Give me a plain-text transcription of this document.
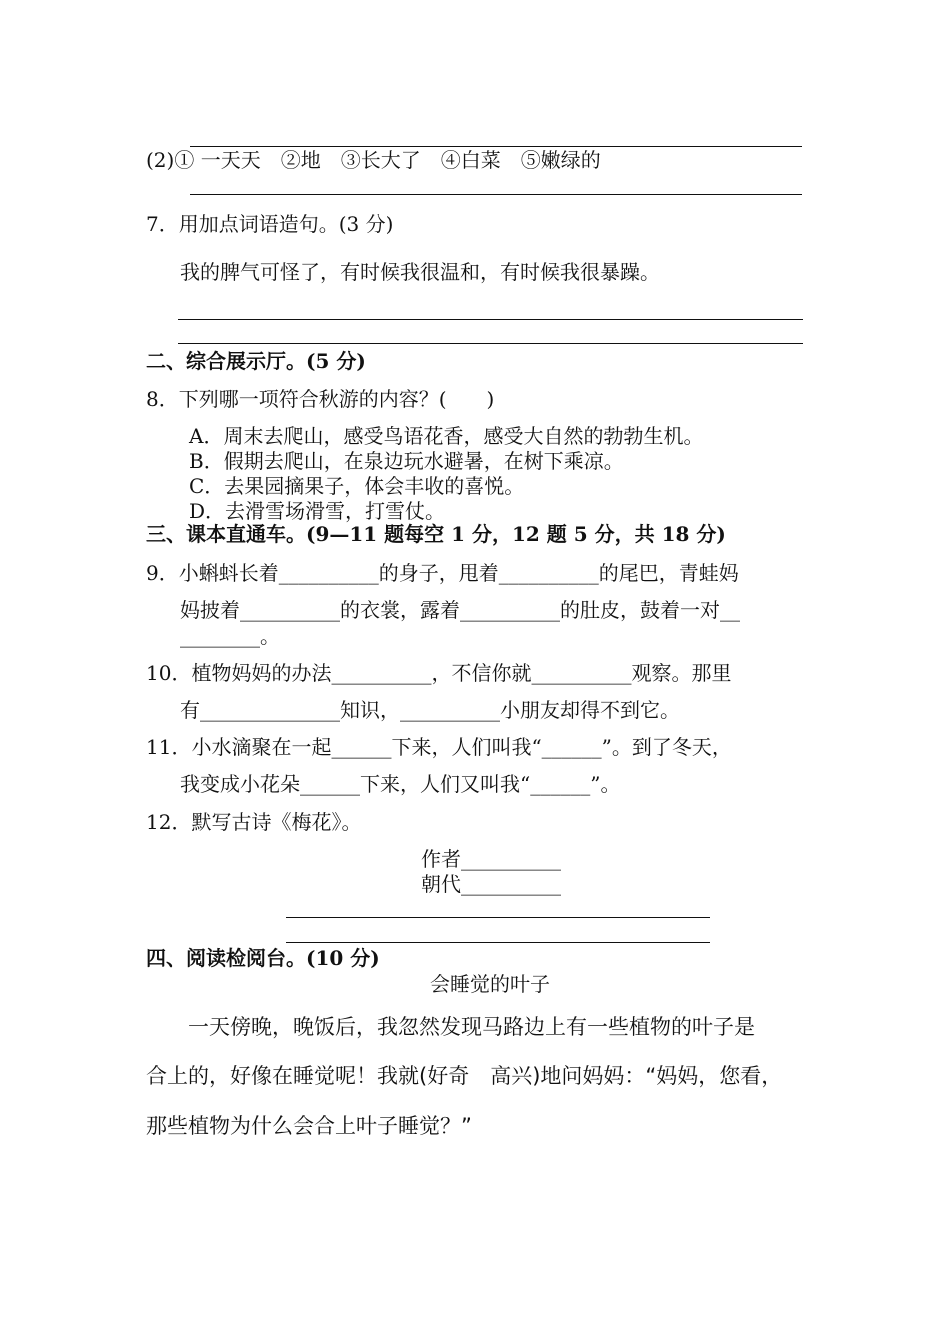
(2)① 一天天　②地　③长大了　④白菜　⑤嫩绿的
7．用加点词语造句。(3 分)
我的脾气可怪了，有时候我很温和，有时候我很暴躁。
二、综合展示厅。(5 分)
8．下列哪一项符合秋游的内容？(　　)
A．周末去爬山，感受鸟语花香，感受大自然的勃勃生机。
B．假期去爬山，在泉边玩水避暑，在树下乘凉。
C．去果园摘果子，体会丰收的喜悦。
D．去滑雪场滑雪，打雪仗。
三、课本直通车。(9—11 题每空 1 分，12 题 5 分，共 18 分)
9．小蝌蚪长着__________的身子，甩着__________的尾巴，青蛙妈
妈披着__________的衣裳，露着__________的肚皮，鼓着一对__
________。
10．植物妈妈的办法__________，不信你就__________观察。那里
有______________知识，__________小朋友却得不到它。
11．小水滴聚在一起______下来，人们叫我“______”。到了冬天，
我变成小花朵______下来，人们又叫我“______”。
12．默写古诗《梅花》。
作者__________
朝代__________
四、阅读检阅台。(10 分)
会睡觉的叶子
一天傍晚，晚饭后，我忽然发现马路边上有一些植物的叶子是
合上的，好像在睡觉呢！我就(好奇　高兴)地问妈妈：“妈妈，您看，
那些植物为什么会合上叶子睡觉？”
